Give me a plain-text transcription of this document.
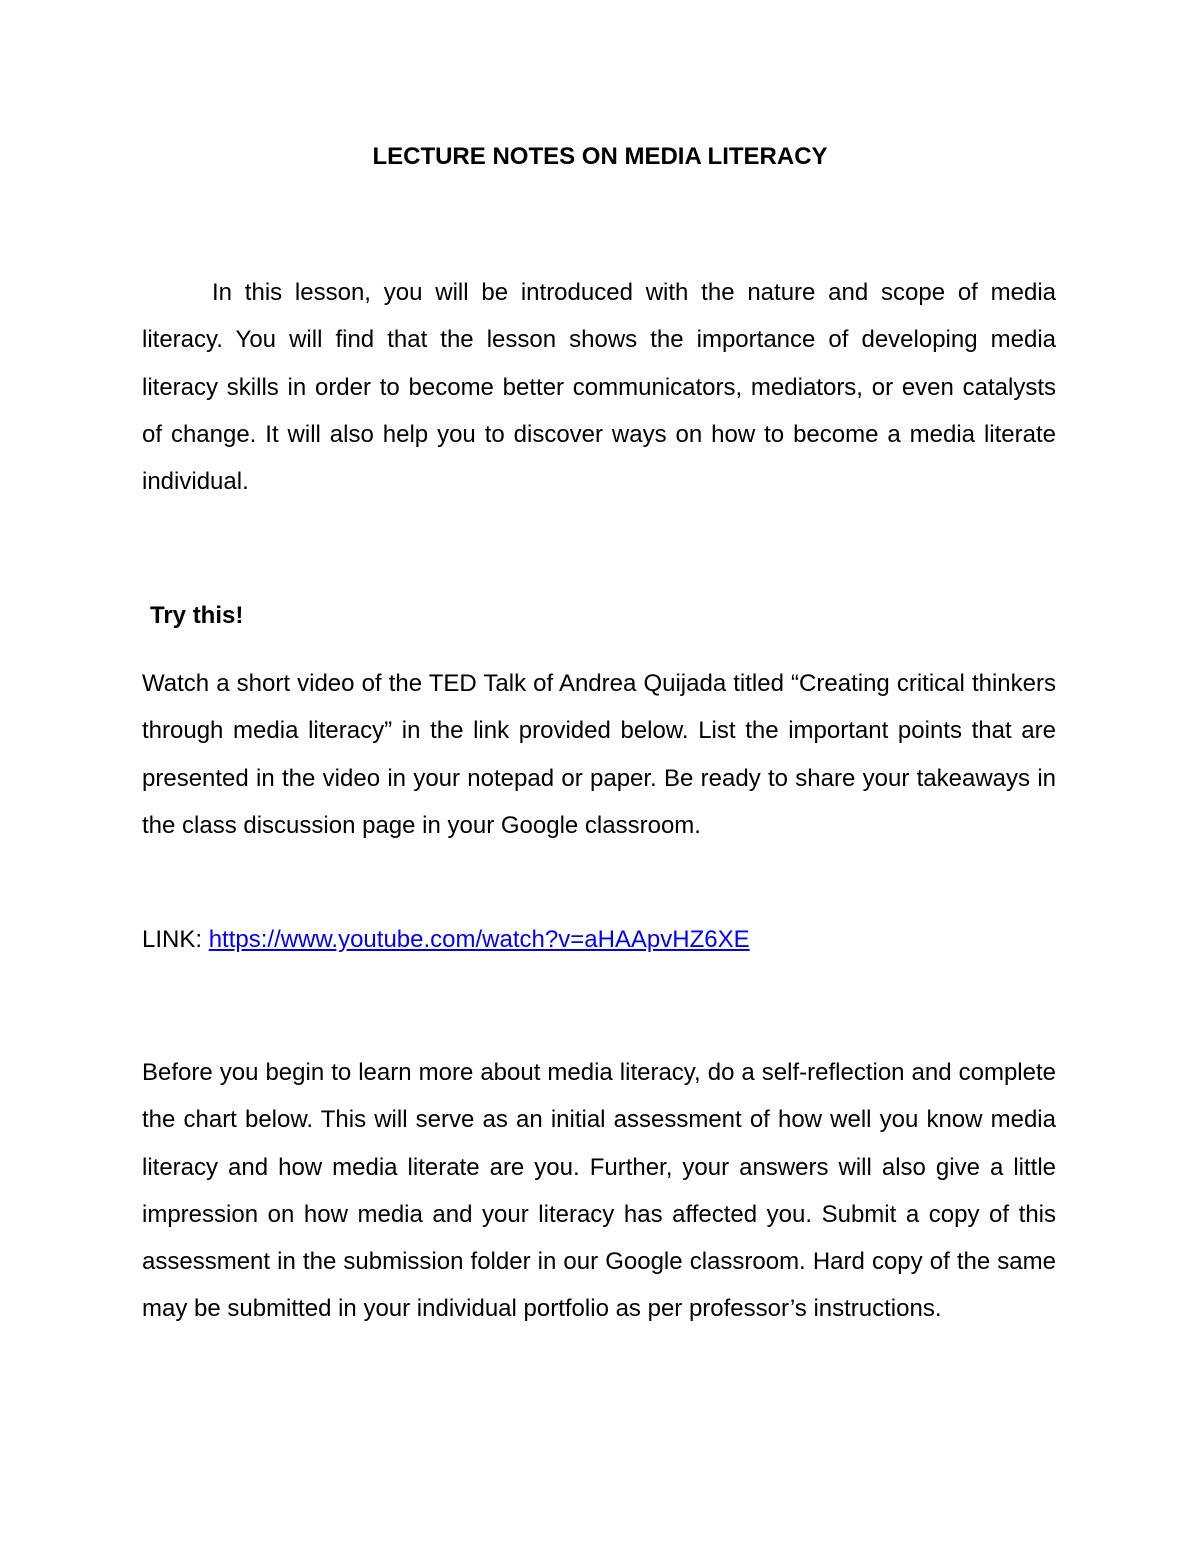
LECTURE NOTES ON MEDIA LITERACY

In this lesson, you will be introduced with the nature and scope of media literacy. You will find that the lesson shows the importance of developing media literacy skills in order to become better communicators, mediators, or even catalysts of change. It will also help you to discover ways on how to become a media literate individual.

Try this!

Watch a short video of the TED Talk of Andrea Quijada titled “Creating critical thinkers through media literacy” in the link provided below. List the important points that are presented in the video in your notepad or paper. Be ready to share your takeaways in the class discussion page in your Google classroom.

LINK: https://www.youtube.com/watch?v=aHAApvHZ6XE

Before you begin to learn more about media literacy, do a self-reflection and complete the chart below. This will serve as an initial assessment of how well you know media literacy and how media literate are you. Further, your answers will also give a little impression on how media and your literacy has affected you. Submit a copy of this assessment in the submission folder in our Google classroom. Hard copy of the same may be submitted in your individual portfolio as per professor’s instructions.
